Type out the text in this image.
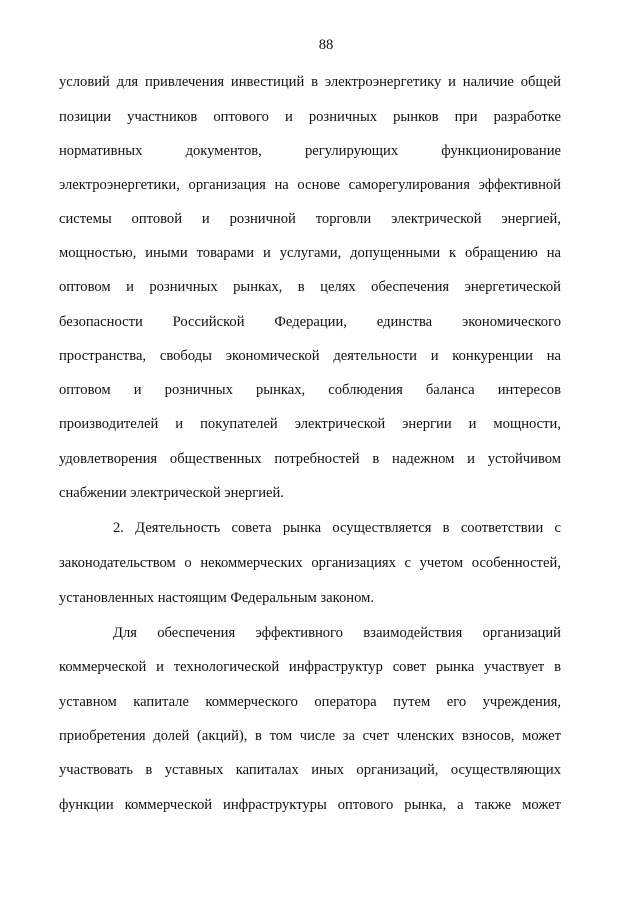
88
условий для привлечения инвестиций в электроэнергетику и наличие общей
позиции участников оптового и розничных рынков при разработке
нормативных документов, регулирующих функционирование
электроэнергетики, организация на основе саморегулирования эффективной
системы оптовой и розничной торговли электрической энергией,
мощностью, иными товарами и услугами, допущенными к обращению на
оптовом и розничных рынках, в целях обеспечения энергетической
безопасности Российской Федерации, единства экономического
пространства, свободы экономической деятельности и конкуренции на
оптовом и розничных рынках, соблюдения баланса интересов
производителей и покупателей электрической энергии и мощности,
удовлетворения общественных потребностей в надежном и устойчивом
снабжении электрической энергией.
2. Деятельность совета рынка осуществляется в соответствии с
законодательством о некоммерческих организациях с учетом особенностей,
установленных настоящим Федеральным законом.
Для обеспечения эффективного взаимодействия организаций
коммерческой и технологической инфраструктур совет рынка участвует в
уставном капитале коммерческого оператора путем его учреждения,
приобретения долей (акций), в том числе за счет членских взносов, может
участвовать в уставных капиталах иных организаций, осуществляющих
функции коммерческой инфраструктуры оптового рынка, а также может
